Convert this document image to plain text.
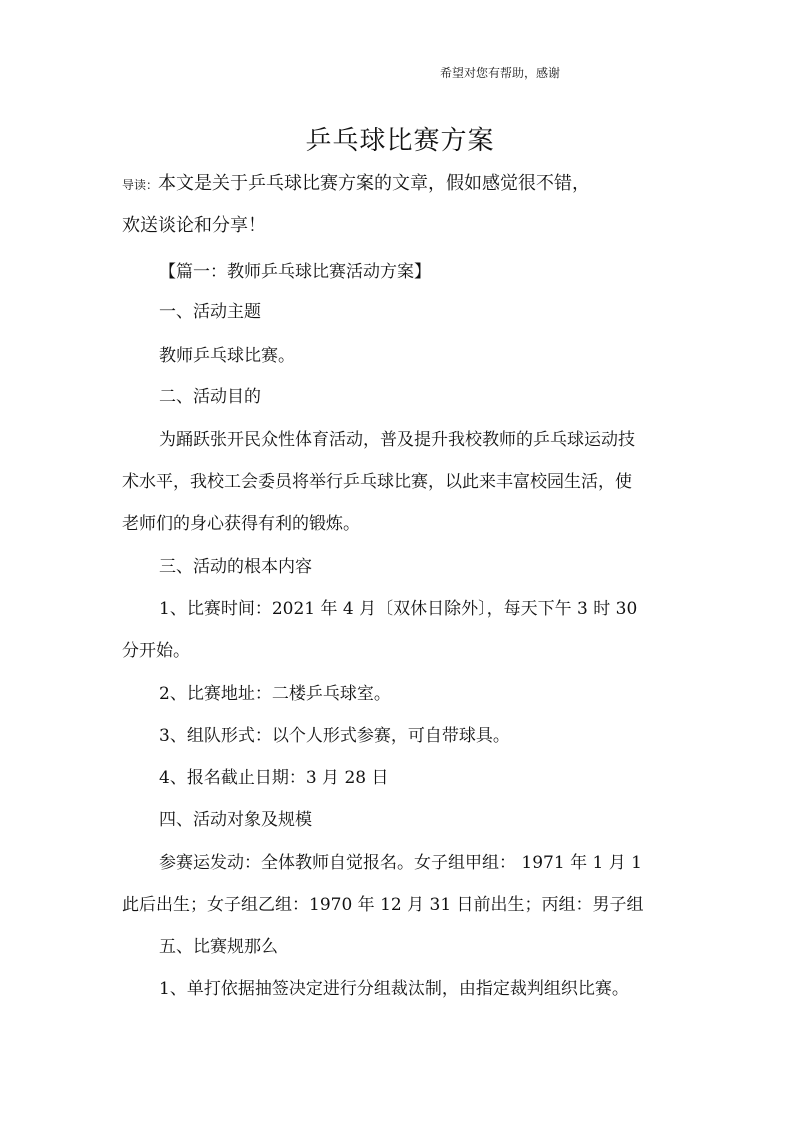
希望对您有帮助，感谢
乒乓球比赛方案
导读：本文是关于乒乓球比赛方案的文章，假如感觉很不错，
欢送谈论和分享！
【篇一：教师乒乓球比赛活动方案】
一、活动主题
教师乒乓球比赛。
二、活动目的
为踊跃张开民众性体育活动，普及提升我校教师的乒乓球运动技
术水平，我校工会委员将举行乒乓球比赛，以此来丰富校园生活，使
老师们的身心获得有利的锻炼。
三、活动的根本内容
1、比赛时间：2021 年 4 月〔双休日除外〕，每天下午 3 时 30
分开始。
2、比赛地址：二楼乒乓球室。
3、组队形式：以个人形式参赛，可自带球具。
4、报名截止日期：3 月 28 日
四、活动对象及规模
参赛运发动：全体教师自觉报名。女子组甲组： 1971 年 1 月 1
此后出生；女子组乙组：1970 年 12 月 31 日前出生；丙组：男子组
五、比赛规那么
1、单打依据抽签决定进行分组裁汰制，由指定裁判组织比赛。
